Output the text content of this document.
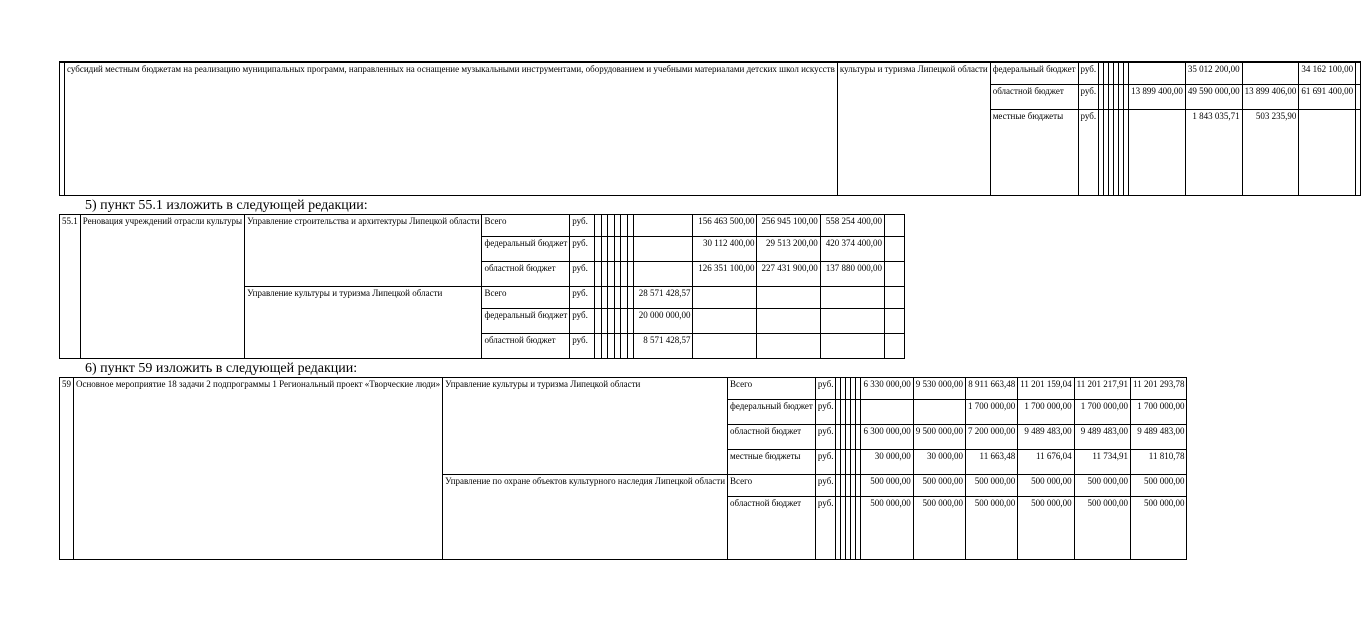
	субсидий местным бюджетам на реализацию муниципальных программ, направленных на оснащение музыкальными инструментами, оборудованием и учебными материалами детских школ искусств	культуры и туризма Липецкой области	федеральный бюджет	руб.								35 012 200,00		34 162 100,00	
			областной бюджет	руб.							13 899 400,00	49 590 000,00	13 899 406,00	61 691 400,00	
			местные бюджеты	руб.								1 843 035,71	503 235,90		
5) пункт 55.1 изложить в следующей редакции:
55.1	Реновация учреждений отрасли культуры	Управление строительства и архитектуры Липецкой области	Всего	руб.								156 463 500,00	256 945 100,00	558 254 400,00	
			федеральный бюджет	руб.								30 112 400,00	29 513 200,00	420 374 400,00	
			областной бюджет	руб.								126 351 100,00	227 431 900,00	137 880 000,00	
		Управление культуры и туризма Липецкой области	Всего	руб.							28 571 428,57				
			федеральный бюджет	руб.							20 000 000,00				
			областной бюджет	руб.							8 571 428,57				
6) пункт 59 изложить в следующей редакции:
59	Основное мероприятие 18 задачи 2 подпрограммы 1 Региональный проект «Творческие люди»	Управление культуры и туризма Липецкой области	Всего	руб.						6 330 000,00	9 530 000,00	8 911 663,48	11 201 159,04	11 201 217,91	11 201 293,78
			федеральный бюджет	руб.								1 700 000,00	1 700 000,00	1 700 000,00	1 700 000,00
			областной бюджет	руб.						6 300 000,00	9 500 000,00	7 200 000,00	9 489 483,00	9 489 483,00	9 489 483,00
			местные бюджеты	руб.						30 000,00	30 000,00	11 663,48	11 676,04	11 734,91	11 810,78
		Управление по охране объектов культурного наследия Липецкой области	Всего	руб.						500 000,00	500 000,00	500 000,00	500 000,00	500 000,00	500 000,00
			областной бюджет	руб.						500 000,00	500 000,00	500 000,00	500 000,00	500 000,00	500 000,00
